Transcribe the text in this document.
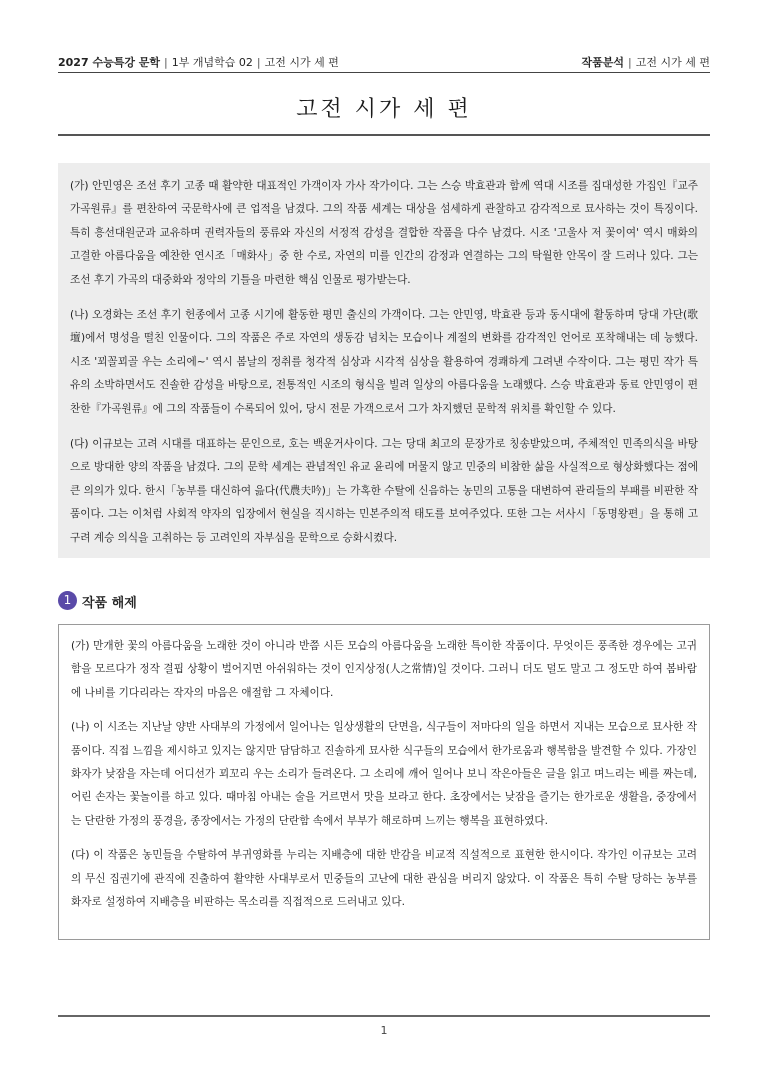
2027 수능특강 문학 | 1부 개념학습 02 | 고전 시가 세 편	작품분석 | 고전 시가 세 편
고전 시가 세 편

(가) 안민영은 조선 후기 고종 때 활약한 대표적인 가객이자 가사 작가이다. 그는 스승 박효관과 함께 역대 시조를 집대성한 가집인『교주가곡원류』를 편찬하여 국문학사에 큰 업적을 남겼다. 그의 작품 세계는 대상을 섬세하게 관찰하고 감각적으로 묘사하는 것이 특징이다. 특히 흥선대원군과 교유하며 권력자들의 풍류와 자신의 서정적 감성을 결합한 작품을 다수 남겼다. 시조 '고울사 저 꽃이여' 역시 매화의 고결한 아름다움을 예찬한 연시조「매화사」중 한 수로, 자연의 미를 인간의 감정과 연결하는 그의 탁월한 안목이 잘 드러나 있다. 그는 조선 후기 가곡의 대중화와 정악의 기틀을 마련한 핵심 인물로 평가받는다.

(나) 오경화는 조선 후기 헌종에서 고종 시기에 활동한 평민 출신의 가객이다. 그는 안민영, 박효관 등과 동시대에 활동하며 당대 가단(歌壇)에서 명성을 떨친 인물이다. 그의 작품은 주로 자연의 생동감 넘치는 모습이나 계절의 변화를 감각적인 언어로 포착해내는 데 능했다. 시조 '꾀꼴꾀골 우는 소리에~' 역시 봄날의 정취를 청각적 심상과 시각적 심상을 활용하여 경쾌하게 그려낸 수작이다. 그는 평민 작가 특유의 소박하면서도 진솔한 감성을 바탕으로, 전통적인 시조의 형식을 빌려 일상의 아름다움을 노래했다. 스승 박효관과 동료 안민영이 편찬한『가곡원류』에 그의 작품들이 수록되어 있어, 당시 전문 가객으로서 그가 차지했던 문학적 위치를 확인할 수 있다.

(다) 이규보는 고려 시대를 대표하는 문인으로, 호는 백운거사이다. 그는 당대 최고의 문장가로 칭송받았으며, 주체적인 민족의식을 바탕으로 방대한 양의 작품을 남겼다. 그의 문학 세계는 관념적인 유교 윤리에 머물지 않고 민중의 비참한 삶을 사실적으로 형상화했다는 점에 큰 의의가 있다. 한시「농부를 대신하여 읊다(代農夫吟)」는 가혹한 수탈에 신음하는 농민의 고통을 대변하여 관리들의 부패를 비판한 작품이다. 그는 이처럼 사회적 약자의 입장에서 현실을 직시하는 민본주의적 태도를 보여주었다. 또한 그는 서사시「동명왕편」을 통해 고구려 계승 의식을 고취하는 등 고려인의 자부심을 문학으로 승화시켰다.

1 작품 해제

(가) 만개한 꽃의 아름다움을 노래한 것이 아니라 반쯤 시든 모습의 아름다움을 노래한 특이한 작품이다. 무엇이든 풍족한 경우에는 고귀함을 모르다가 정작 결핍 상황이 벌어지면 아쉬워하는 것이 인지상정(人之常情)일 것이다. 그러니 더도 덜도 말고 그 정도만 하여 봄바람에 나비를 기다리라는 작자의 마음은 애절함 그 자체이다.

(나) 이 시조는 지난날 양반 사대부의 가정에서 일어나는 일상생활의 단면을, 식구들이 저마다의 일을 하면서 지내는 모습으로 묘사한 작품이다. 직접 느낌을 제시하고 있지는 않지만 담담하고 진솔하게 묘사한 식구들의 모습에서 한가로움과 행복함을 발견할 수 있다. 가장인 화자가 낮잠을 자는데 어디선가 꾀꼬리 우는 소리가 들려온다. 그 소리에 깨어 일어나 보니 작은아들은 글을 읽고 며느리는 베를 짜는데, 어린 손자는 꽃놀이를 하고 있다. 때마침 아내는 술을 거르면서 맛을 보라고 한다. 초장에서는 낮잠을 즐기는 한가로운 생활을, 중장에서는 단란한 가정의 풍경을, 종장에서는 가정의 단란함 속에서 부부가 해로하며 느끼는 행복을 표현하였다.

(다) 이 작품은 농민들을 수탈하여 부귀영화를 누리는 지배층에 대한 반감을 비교적 직설적으로 표현한 한시이다. 작가인 이규보는 고려의 무신 집권기에 관직에 진출하여 활약한 사대부로서 민중들의 고난에 대한 관심을 버리지 않았다. 이 작품은 특히 수탈 당하는 농부를 화자로 설정하여 지배층을 비판하는 목소리를 직접적으로 드러내고 있다.

1
